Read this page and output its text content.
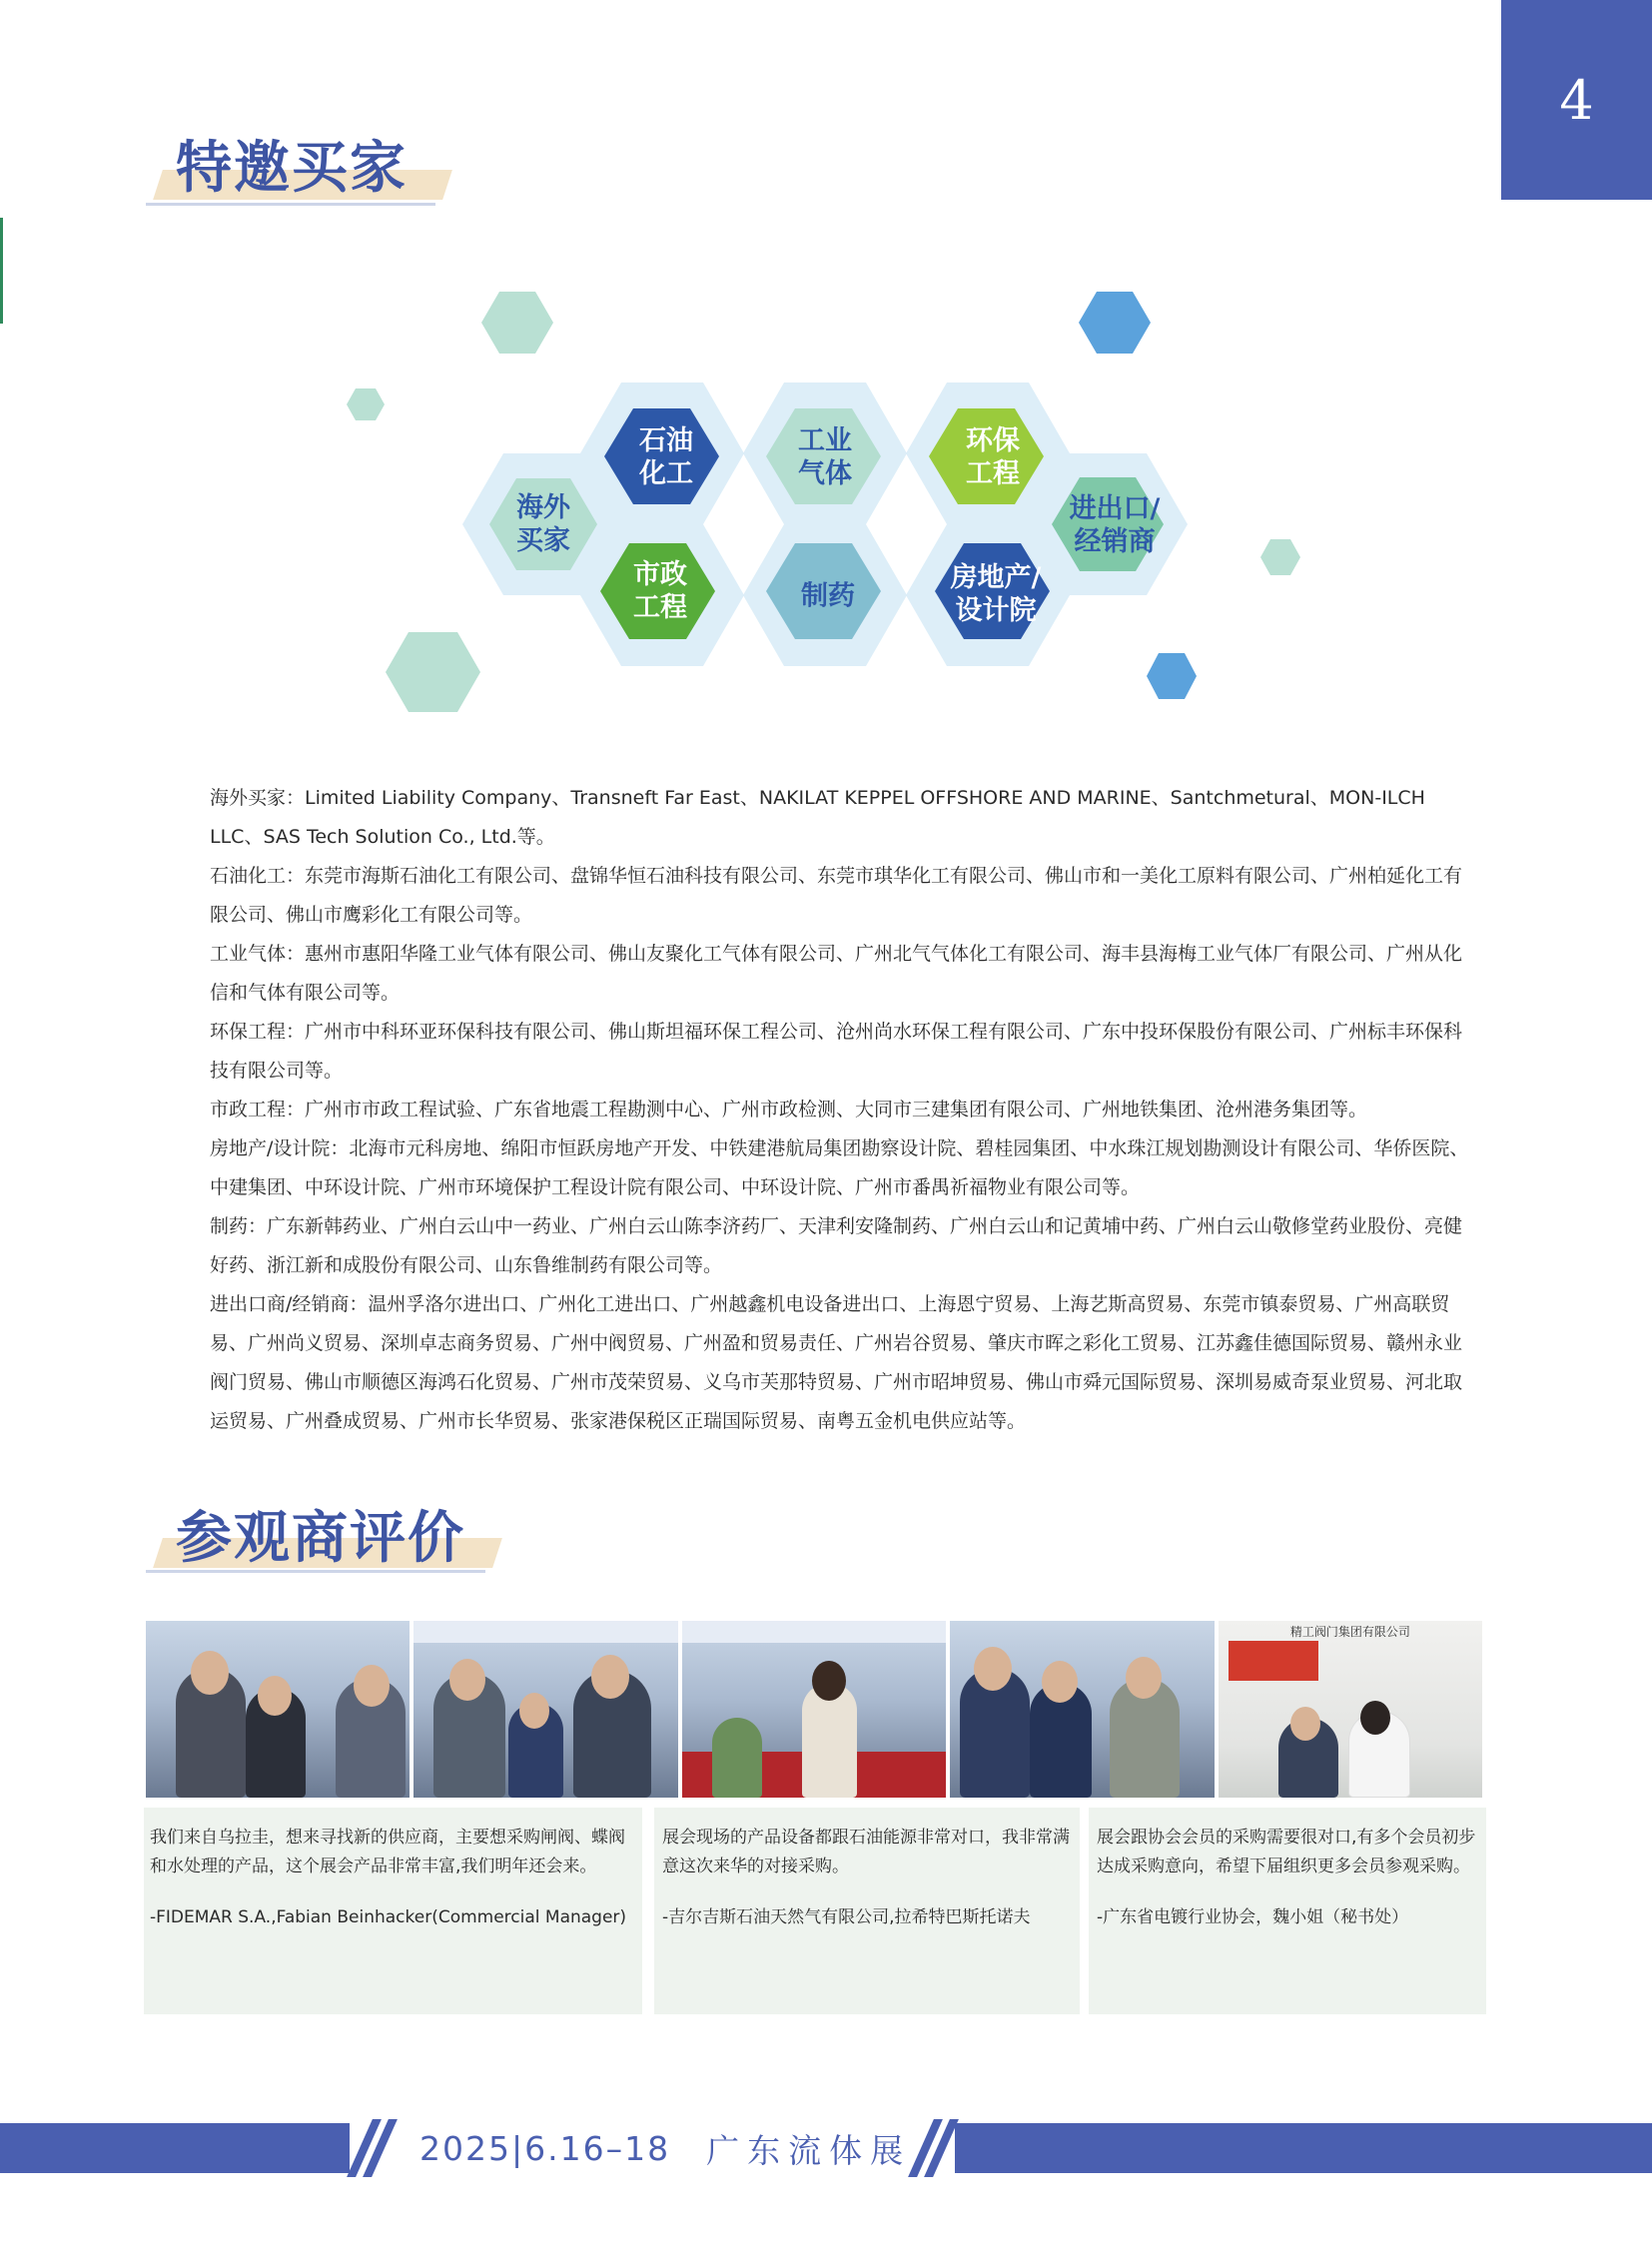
4
特邀买家
海外
买家
石油
化工
工业
气体
环保
工程
进出口/
经销商
市政
工程	制药
房地产/
设计院

海外买家：Limited Liability Company、Transneft Far East、NAKILAT KEPPEL OFFSHORE AND MARINE、Santchmetural、MON-ILCH LLC、SAS Tech Solution Co., Ltd.等。

石油化工：东莞市海斯石油化工有限公司、盘锦华恒石油科技有限公司、东莞市琪华化工有限公司、佛山市和一美化工原料有限公司、广州柏延化工有限公司、佛山市鹰彩化工有限公司等。

工业气体：惠州市惠阳华隆工业气体有限公司、佛山友聚化工气体有限公司、广州北气气体化工有限公司、海丰县海梅工业气体厂有限公司、广州从化信和气体有限公司等。

环保工程：广州市中科环亚环保科技有限公司、佛山斯坦福环保工程公司、沧州尚水环保工程有限公司、广东中投环保股份有限公司、广州标丰环保科技有限公司等。

市政工程：广州市市政工程试验、广东省地震工程勘测中心、广州市政检测、大同市三建集团有限公司、广州地铁集团、沧州港务集团等。

房地产/设计院：北海市元科房地、绵阳市恒跃房地产开发、中铁建港航局集团勘察设计院、碧桂园集团、中水珠江规划勘测设计有限公司、华侨医院、中建集团、中环设计院、广州市环境保护工程设计院有限公司、中环设计院、广州市番禺祈福物业有限公司等。

制药：广东新韩药业、广州白云山中一药业、广州白云山陈李济药厂、天津利安隆制药、广州白云山和记黄埔中药、广州白云山敬修堂药业股份、亮健好药、浙江新和成股份有限公司、山东鲁维制药有限公司等。

进出口商/经销商：温州孚洛尔进出口、广州化工进出口、广州越鑫机电设备进出口、上海恩宁贸易、上海艺斯高贸易、东莞市镇泰贸易、广州高联贸易、广州尚义贸易、深圳卓志商务贸易、广州中阀贸易、广州盈和贸易责任、广州岩谷贸易、肇庆市晖之彩化工贸易、江苏鑫佳德国际贸易、赣州永业阀门贸易、佛山市顺德区海鸿石化贸易、广州市茂荣贸易、义乌市芙那特贸易、广州市昭坤贸易、佛山市舜元国际贸易、深圳易威奇泵业贸易、河北取运贸易、广州叠成贸易、广州市长华贸易、张家港保税区正瑞国际贸易、南粤五金机电供应站等。

参观商评价
精工阀门集团有限公司

我们来自乌拉圭，想来寻找新的供应商，主要想采购闸阀、蝶阀和水处理的产品，这个展会产品非常丰富,我们明年还会来。

-FIDEMAR S.A.,Fabian Beinhacker(Commercial Manager)

展会现场的产品设备都跟石油能源非常对口，我非常满意这次来华的对接采购。

-吉尔吉斯石油天然气有限公司,拉希特巴斯托诺夫

展会跟协会会员的采购需要很对口,有多个会员初步达成采购意向，希望下届组织更多会员参观采购。

-广东省电镀行业协会，魏小姐（秘书处）

2025|6.16–18 广东流体展
